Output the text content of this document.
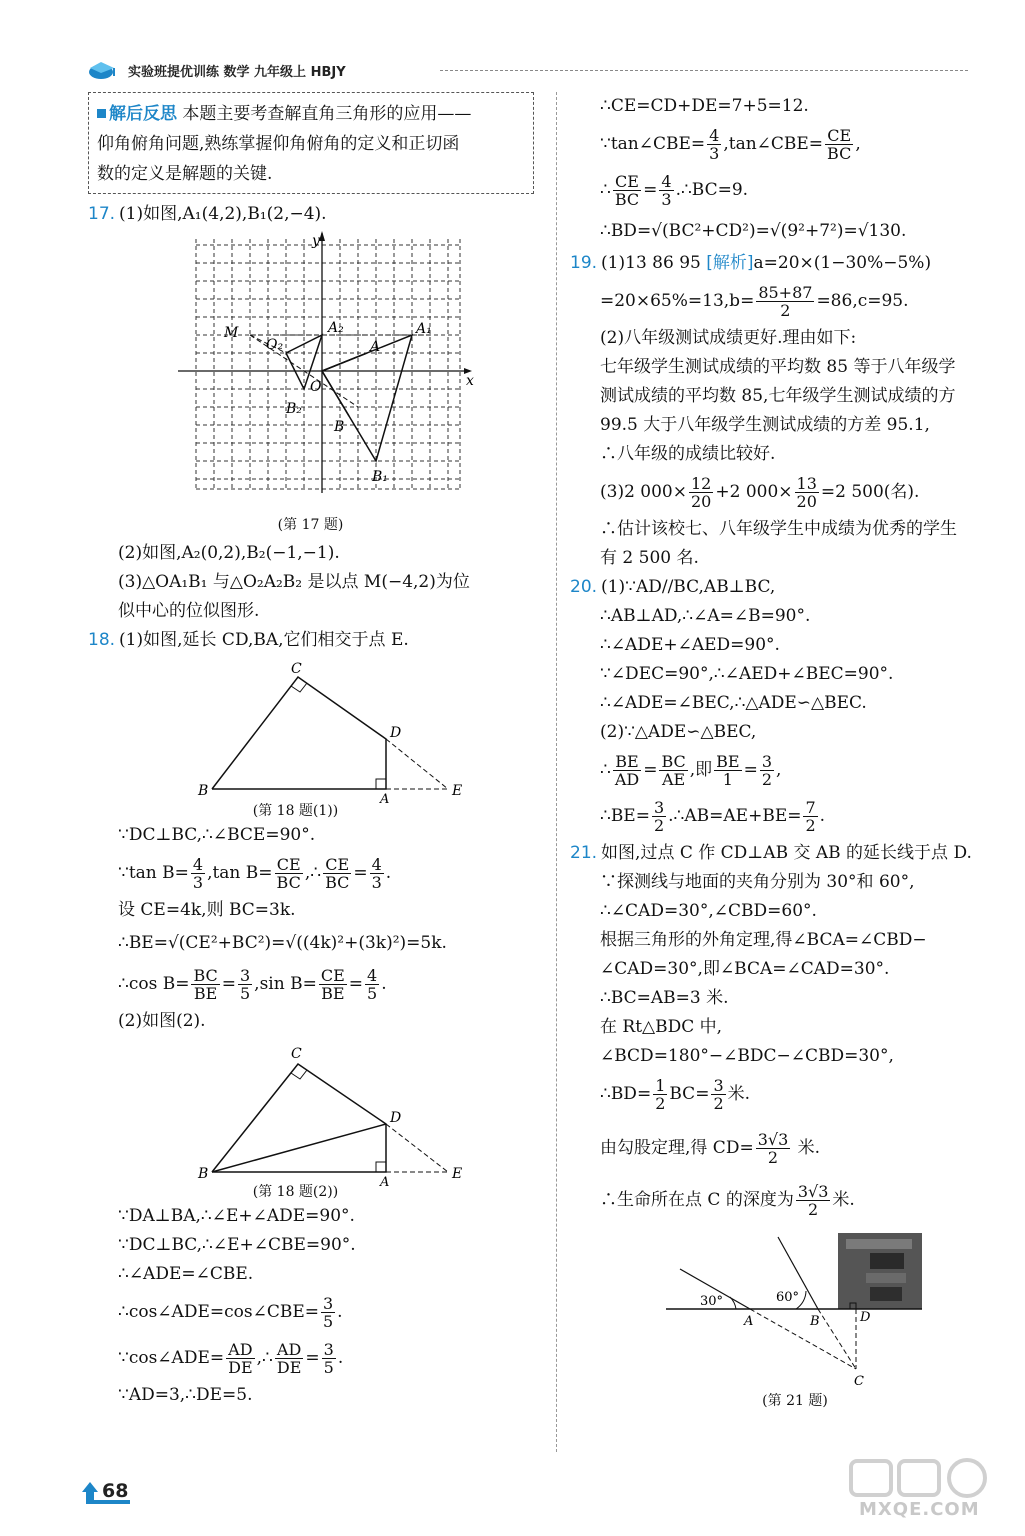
实验班提优训练 数学 九年级上 HBJY
解后反思 本题主要考查解直角三角形的应用——
仰角俯角问题,熟练掌握仰角俯角的定义和正切函
数的定义是解题的关键.
17. (1)如图,A₁(4,2),B₁(2,−4).
x
y
O
M
O₂
A₂
A
A₁
B₂
B
B₁
(第 17 题)
(2)如图,A₂(0,2),B₂(−1,−1).
(3)△OA₁B₁ 与△O₂A₂B₂ 是以点 M(−4,2)为位
似中心的位似图形.
18. (1)如图,延长 CD,BA,它们相交于点 E.
C
D
B
A
E
(第 18 题(1))
∵DC⊥BC,∴∠BCE=90°.
∵tan $B= \frac{4}{3} ,\tan$ $B= \frac{CE}{BC}$ ,∴ $\frac{CE}{BC} = \frac{4}{3}$ .
设 CE=4k,则 BC=3k.
∴BE=√(CE²+BC²)=√((4k)²+(3k)²)=5k.
∴cos $B= \frac{BC}{BE} = \frac{3}{5} ,\sin$ $B= \frac{CE}{BE} = \frac{4}{5}$ .
(2)如图(2).
C
D
B
A
E
(第 18 题(2))
∵DA⊥BA,∴∠E+∠ADE=90°.
∵DC⊥BC,∴∠E+∠CBE=90°.
∴∠ADE=∠CBE.
∴cos∠ADE=cos∠CBE= $\frac{3}{5}$ .
∵cos∠ADE= $\frac{AD}{DE}$ ,∴ $\frac{AD}{DE} = \frac{3}{5}$ .
∵AD=3,∴DE=5.
∴CE=CD+DE=7+5=12.
∵tan∠CBE= $\frac{4}{3}$ ,tan∠CBE= $\frac{CE}{BC}$ ,
∴ $\frac{CE}{BC} = \frac{4}{3}$ .∴BC=9.
∴BD=√(BC²+CD²)=√(9²+7²)=√130.
19. (1)13 86 95 [解析]a=20×(1−30%−5%)
$=20\times 65\%=13,b= \frac{85+87}{2} =86,c=95$.
(2)八年级测试成绩更好.理由如下:
七年级学生测试成绩的平均数 85 等于八年级学
测试成绩的平均数 85,七年级学生测试成绩的方
99.5 大于八年级学生测试成绩的方差 95.1,
∴八年级的成绩比较好.
(3)2 $000\times \frac{12}{20} +2$ $000\times \frac{13}{20} =2$ 500(名).
∴估计该校七、八年级学生中成绩为优秀的学生
有 2 500 名.
20. (1)∵AD//BC,AB⊥BC,
∴AB⊥AD,∴∠A=∠B=90°.
∴∠ADE+∠AED=90°.
∵∠DEC=90°,∴∠AED+∠BEC=90°.
∴∠ADE=∠BEC,∴△ADE∽△BEC.
(2)∵△ADE∽△BEC,
∴ $\frac{BE}{AD} = \frac{BC}{AE}$ ,即 $\frac{BE}{1} = \frac{3}{2}$ ,
∴BE= $\frac{3}{2}$ .∴AB=AE+BE= $\frac{7}{2}$ .
21. 如图,过点 C 作 CD⊥AB 交 AB 的延长线于点 D.
∵探测线与地面的夹角分别为 30°和 60°,
∴∠CAD=30°,∠CBD=60°.
根据三角形的外角定理,得∠BCA=∠CBD−
∠CAD=30°,即∠BCA=∠CAD=30°.
∴BC=AB=3 米.
在 Rt△BDC 中,
∠BCD=180°−∠BDC−∠CBD=30°,
∴BD= $\frac{1}{2} BC= \frac{3}{2}$ 米.
由勾股定理,得 $CD= \frac{3√3}{2}$ 米.
∴生命所在点 C 的深度为 $\frac{3√3}{2}$ 米.
30°	60°
A	B	D
C
(第 21 题)
68
MXQE.COM
